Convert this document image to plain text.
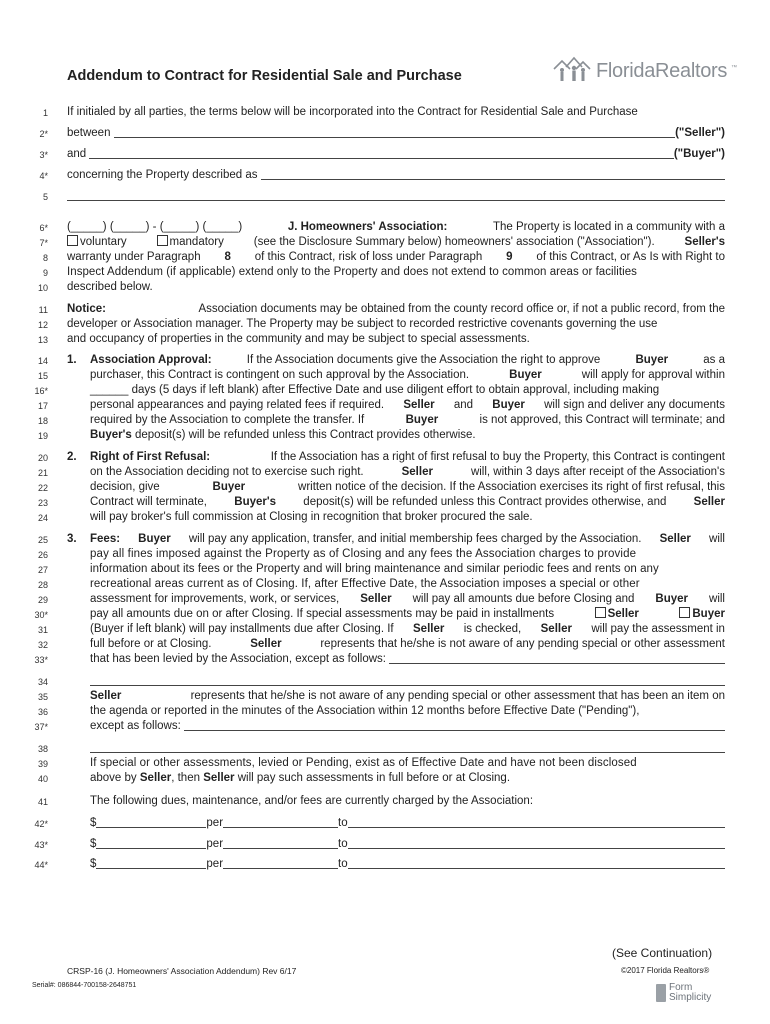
Addendum to Contract for Residential Sale and Purchase	FloridaRealtors ™
1
2*
3*
4*
5
6*
7*
8
9
10
11
12
13
14
15
16*
17
18
19
20
21
22
23
24
25
26
27
28
29
30*
31
32
33*
34
35
36
37*
38
39
40
41
42*
43*
44*
If initialed by all parties, the terms below will be incorporated into the Contract for Residential Sale and Purchase
between
	("Seller")
and
	("Buyer")
concerning the Property described as

(_____) (_____) - (_____) (_____)	J. Homeowners' Association:	The Property is located in a community with a
voluntary	mandatory	(see the Disclosure Summary below) homeowners' association ("Association").	Seller's
warranty under Paragraph 8 of this Contract, risk of loss under Paragraph 9 of this Contract, or As Is with Right to
Inspect Addendum (if applicable) extend only to the Property and does not extend to common areas or facilities
described below.
Notice:	Association documents may be obtained from the county record office or, if not a public record, from the
developer or Association manager. The Property may be subject to recorded restrictive covenants governing the use
and occupancy of properties in the community and may be subject to special assessments.
1. Association Approval:	If the Association documents give the Association the right to approve	Buyer	as a
purchaser, this Contract is contingent on such approval by the Association.	Buyer	will apply for approval within
______ days (5 days if left blank) after Effective Date and use diligent effort to obtain approval, including making
personal appearances and paying related fees if required. Seller and Buyer will sign and deliver any documents
required by the Association to complete the transfer. If	Buyer	is not approved, this Contract will terminate; and
Buyer's deposit(s) will be refunded unless this Contract provides otherwise.
2. Right of First Refusal:	If the Association has a right of first refusal to buy the Property, this Contract is contingent
on the Association deciding not to exercise such right.	Seller	will, within 3 days after receipt of the Association's
decision, give	Buyer	written notice of the decision. If the Association exercises its right of first refusal, this
Contract will terminate, Buyer's deposit(s) will be refunded unless this Contract provides otherwise, and Seller
will pay broker's full commission at Closing in recognition that broker procured the sale.
3. Fees: Buyer will pay any application, transfer, and initial membership fees charged by the Association. Seller will
pay all fines imposed against the Property as of Closing and any fees the Association charges to provide
information about its fees or the Property and will bring maintenance and similar periodic fees and rents on any
recreational areas current as of Closing. If, after Effective Date, the Association imposes a special or other
assessment for improvements, work, or services, Seller will pay all amounts due before Closing and Buyer will
pay all amounts due on or after Closing. If special assessments may be paid in installments	Seller	Buyer
(Buyer if left blank) will pay installments due after Closing. If Seller is checked, Seller will pay the assessment in
full before or at Closing.	Seller	represents that he/she is not aware of any pending special or other assessment
that has been levied by the Association, except as follows:

Seller	represents that he/she is not aware of any pending special or other assessment that has been an item on
the agenda or reported in the minutes of the Association within 12 months before Effective Date ("Pending"),
except as follows:

If special or other assessments, levied or Pending, exist as of Effective Date and have not been disclosed
above by Seller, then Seller will pay such assessments in full before or at Closing.
The following dues, maintenance, and/or fees are currently charged by the Association:
$	per	to
$	per	to
$	per	to
(See Continuation)
CRSP-16 (J. Homeowners' Association Addendum) Rev 6/17	©2017 Florida Realtors®
Serial#: 086844-700158-2648751	Form
Simplicity
